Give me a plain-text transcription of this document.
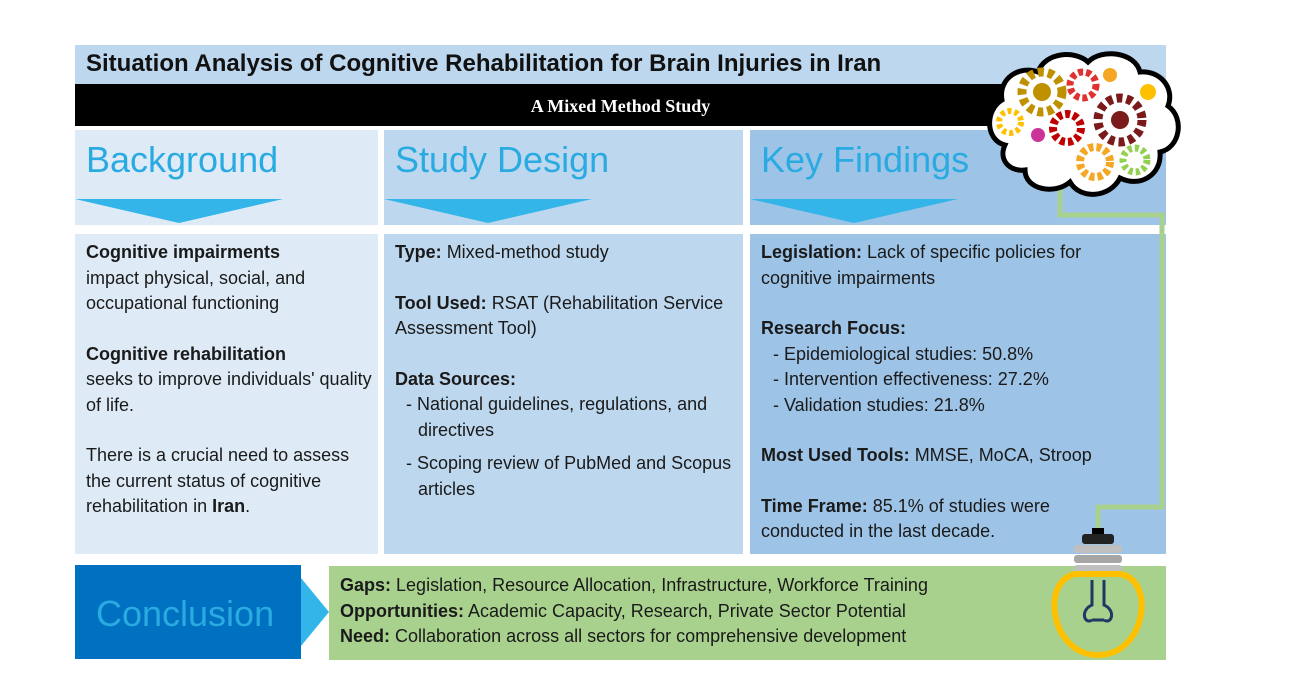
Situation Analysis of Cognitive Rehabilitation for Brain Injuries in Iran
A Mixed Method Study
Background	Study Design	Key Findings

Cognitive impairments
impact physical, social, and occupational functioning

Cognitive rehabilitation
seeks to improve individuals' quality of life.

There is a crucial need to assess the current status of cognitive rehabilitation in Iran.

Type: Mixed-method study
Tool Used: RSAT (Rehabilitation Service Assessment Tool)
Data Sources:
- National guidelines, regulations, and directives
- Scoping review of PubMed and Scopus articles
Legislation: Lack of specific policies for cognitive impairments
Research Focus:
- Epidemiological studies: 50.8%
- Intervention effectiveness: 27.2%
- Validation studies: 21.8%
Most Used Tools: MMSE, MoCA, Stroop
Time Frame: 85.1% of studies were conducted in the last decade.
Conclusion
Gaps: Legislation, Resource Allocation, Infrastructure, Workforce Training
Opportunities: Academic Capacity, Research, Private Sector Potential
Need: Collaboration across all sectors for comprehensive development
